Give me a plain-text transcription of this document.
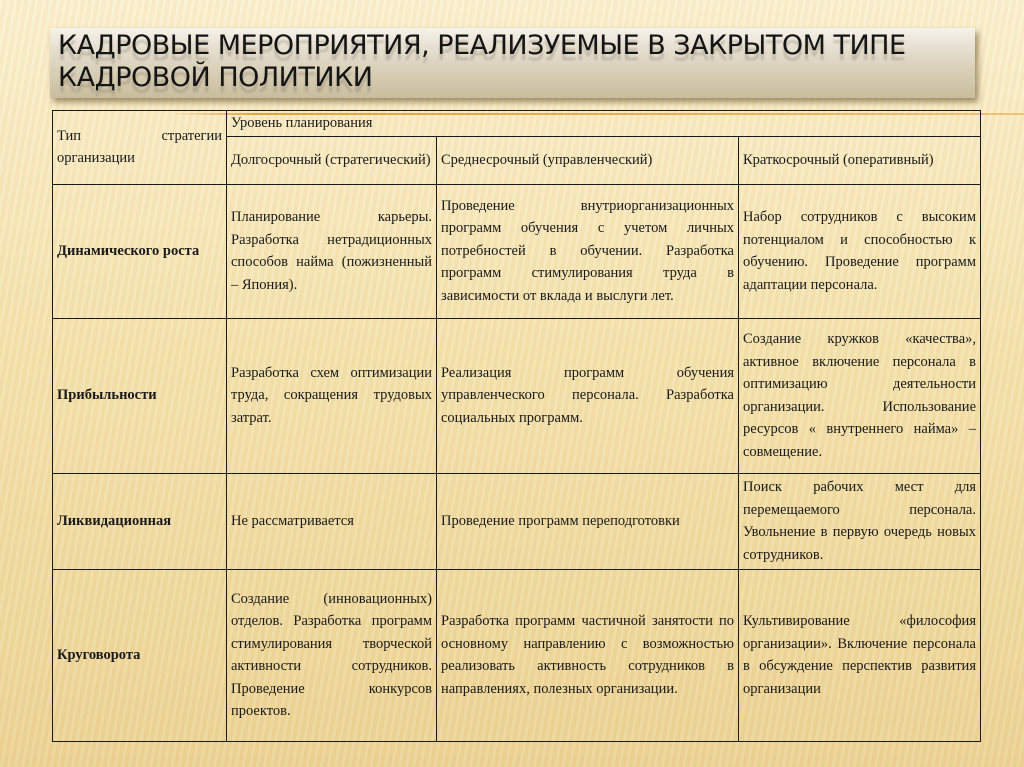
КАДРОВЫЕ МЕРОПРИЯТИЯ, РЕАЛИЗУЕМЫЕ В ЗАКРЫТОМ ТИПЕ КАДРОВОЙ ПОЛИТИКИ
Тип стратегии организации	Уровень планирования		
	Долгосрочный (стратегический)	Среднесрочный (управленческий)	Краткосрочный (оперативный)
Динамического роста	Планирование карьеры. Разработка нетрадиционных способов найма (пожизненный – Япония).	Проведение внутриорганизационных программ обучения с учетом личных потребностей в обучении. Разработка программ стимулирования труда в зависимости от вклада и выслуги лет.	Набор сотрудников с высоким потенциалом и способностью к обучению. Проведение программ адаптации персонала.
Прибыльности	Разработка схем оптимизации труда, сокращения трудовых затрат.	Реализация программ обучения управленческого персонала. Разработка социальных программ.	Создание кружков «качества», активное включение персонала в оптимизацию деятельности организации. Использование ресурсов « внутреннего найма» – совмещение.
Ликвидационная	Не рассматривается	Проведение программ переподготовки	Поиск рабочих мест для перемещаемого персонала. Увольнение в первую очередь новых сотрудников.
Круговорота	Создание (инновационных) отделов. Разработка программ стимулирования творческой активности сотрудников. Проведение конкурсов проектов.	Разработка программ частичной занятости по основному направлению с возможностью реализовать активность сотрудников в направлениях, полезных организации.	Культивирование «философия организации». Включение персонала в обсуждение перспектив развития организации
